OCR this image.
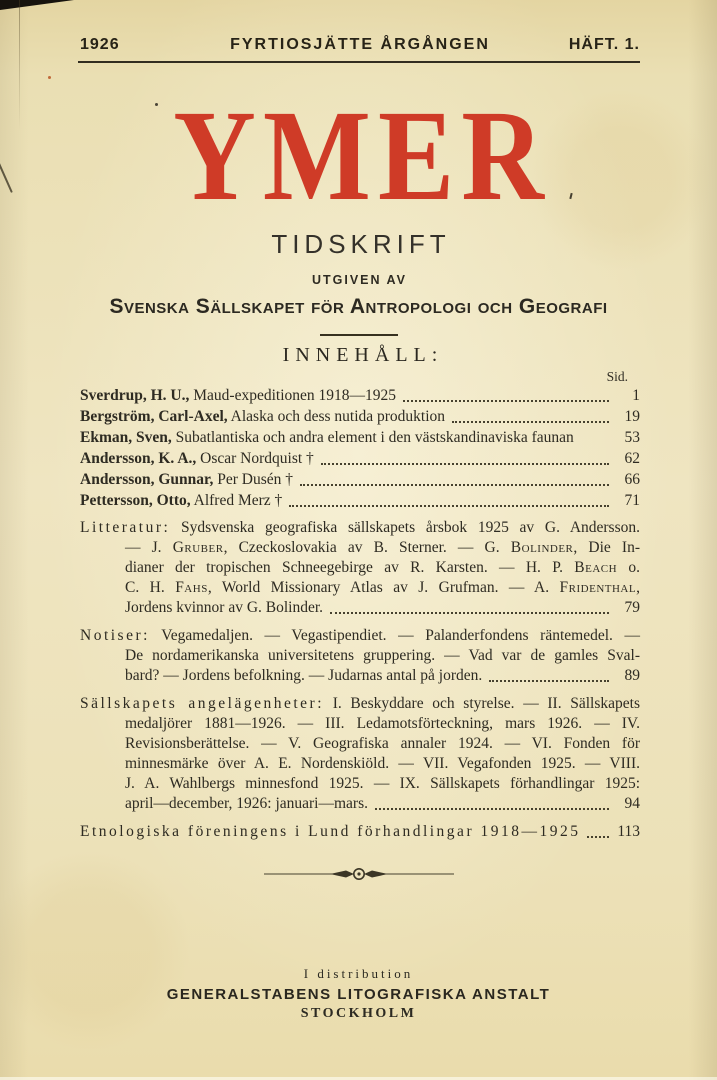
1926	FYRTIOSJÄTTE ÅRGÅNGEN	HÄFT. 1.
YMER
TIDSKRIFT
UTGIVEN AV
Svenska Sällskapet för Antropologi och Geografi
INNEHÅLL:
Sid.
Sverdrup, H. U., Maud-expeditionen 1918—1925	1
Bergström, Carl-Axel, Alaska och dess nutida produktion	19
Ekman, Sven, Subatlantiska och andra element i den västskandinaviska faunan	53
Andersson, K. A., Oscar Nordquist †	62
Andersson, Gunnar, Per Dusén †	66
Pettersson, Otto, Alfred Merz †	71
Litteratur: Sydsvenska geografiska sällskapets årsbok 1925 av G. Andersson.
— J. Gruber, Czeckoslovakia av B. Sterner. — G. Bolinder, Die In-
dianer der tropischen Schneegebirge av R. Karsten. — H. P. Beach o.
C. H. Fahs, World Missionary Atlas av J. Grufman. — A. Fridenthal,
Jordens kvinnor av G. Bolinder.	79
Notiser: Vegamedaljen. — Vegastipendiet. — Palanderfondens räntemedel. —
De nordamerikanska universitetens gruppering. — Vad var de gamles Sval-
bard? — Jordens befolkning. — Judarnas antal på jorden.	89
Sällskapets angelägenheter: I. Beskyddare och styrelse. — II. Sällskapets
medaljörer 1881—1926. — III. Ledamotsförteckning, mars 1926. — IV.
Revisionsberättelse. — V. Geografiska annaler 1924. — VI. Fonden för
minnesmärke över A. E. Nordenskiöld. — VII. Vegafonden 1925. — VIII.
J. A. Wahlbergs minnesfond 1925. — IX. Sällskapets förhandlingar 1925:
april—december, 1926: januari—mars.	94
Etnologiska föreningens i Lund förhandlingar 1918—1925 113
I distribution
GENERALSTABENS LITOGRAFISKA ANSTALT
STOCKHOLM
